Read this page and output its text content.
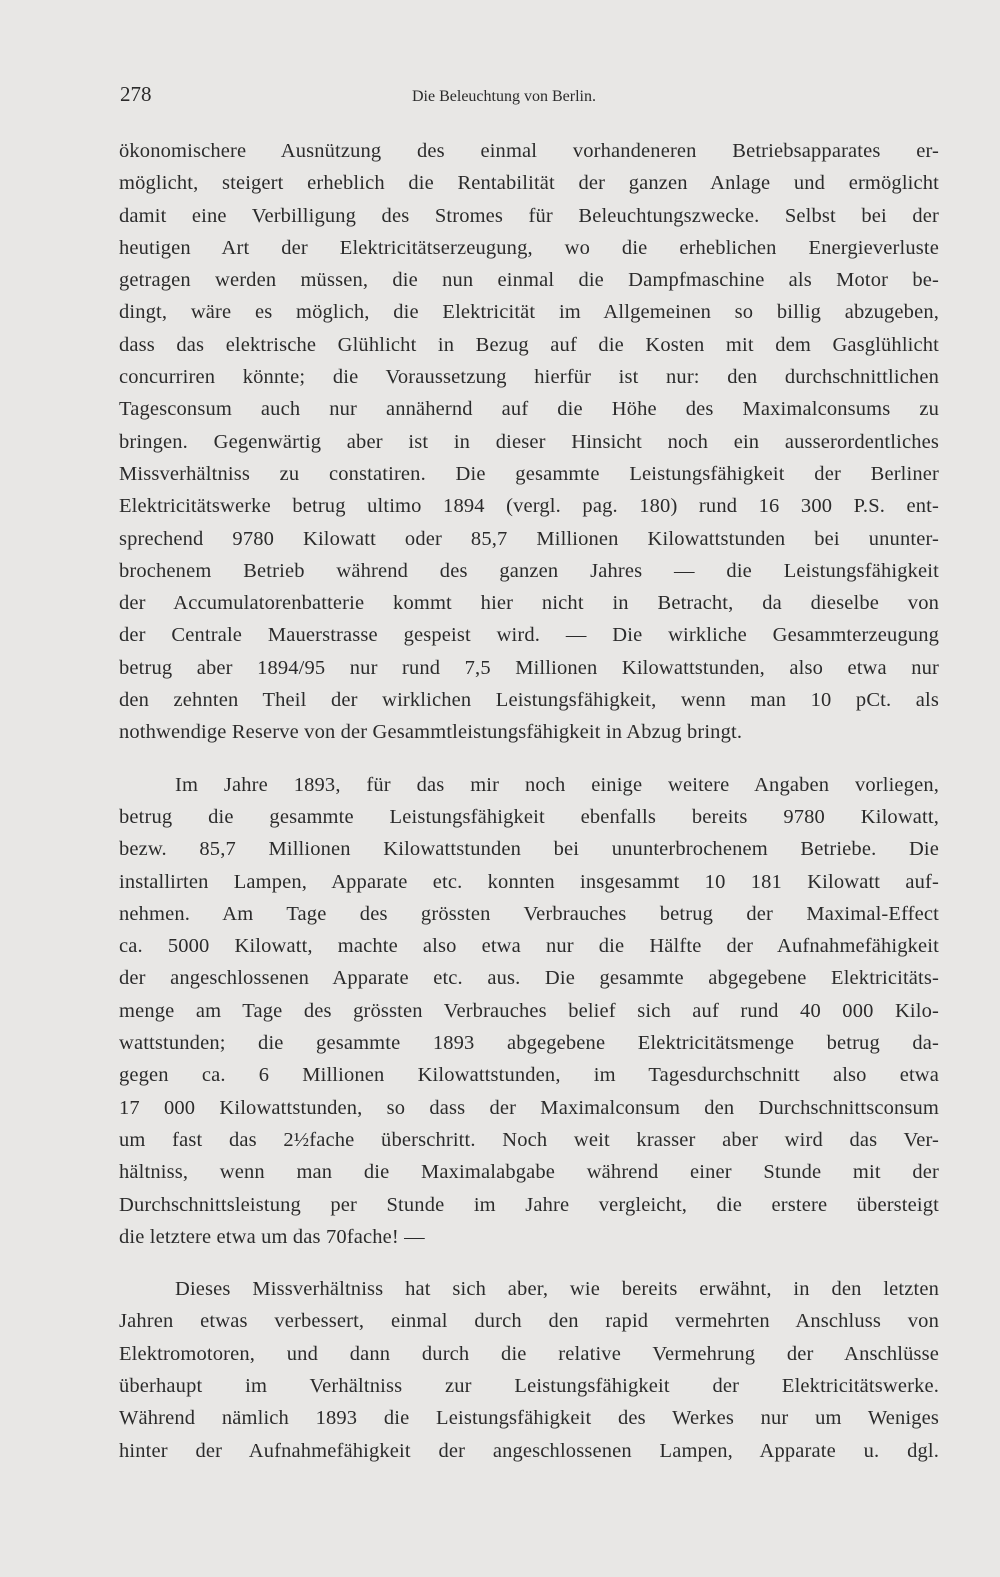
278	Die Beleuchtung von Berlin.
ökonomischere Ausnützung des einmal vorhandeneren Betriebsapparates er-
möglicht, steigert erheblich die Rentabilität der ganzen Anlage und ermöglicht
damit eine Verbilligung des Stromes für Beleuchtungszwecke. Selbst bei der
heutigen Art der Elektricitätserzeugung, wo die erheblichen Energieverluste
getragen werden müssen, die nun einmal die Dampfmaschine als Motor be-
dingt, wäre es möglich, die Elektricität im Allgemeinen so billig abzugeben,
dass das elektrische Glühlicht in Bezug auf die Kosten mit dem Gasglühlicht
concurriren könnte; die Voraussetzung hierfür ist nur: den durchschnittlichen
Tagesconsum auch nur annähernd auf die Höhe des Maximalconsums zu
bringen. Gegenwärtig aber ist in dieser Hinsicht noch ein ausserordentliches
Missverhältniss zu constatiren. Die gesammte Leistungsfähigkeit der Berliner
Elektricitätswerke betrug ultimo 1894 (vergl. pag. 180) rund 16 300 P.S. ent-
sprechend 9780 Kilowatt oder 85,7 Millionen Kilowattstunden bei ununter-
brochenem Betrieb während des ganzen Jahres — die Leistungsfähigkeit
der Accumulatorenbatterie kommt hier nicht in Betracht, da dieselbe von
der Centrale Mauerstrasse gespeist wird. — Die wirkliche Gesammterzeugung
betrug aber 1894/95 nur rund 7,5 Millionen Kilowattstunden, also etwa nur
den zehnten Theil der wirklichen Leistungsfähigkeit, wenn man 10 pCt. als
nothwendige Reserve von der Gesammtleistungsfähigkeit in Abzug bringt.
Im Jahre 1893, für das mir noch einige weitere Angaben vorliegen,
betrug die gesammte Leistungsfähigkeit ebenfalls bereits 9780 Kilowatt,
bezw. 85,7 Millionen Kilowattstunden bei ununterbrochenem Betriebe. Die
installirten Lampen, Apparate etc. konnten insgesammt 10 181 Kilowatt auf-
nehmen. Am Tage des grössten Verbrauches betrug der Maximal-Effect
ca. 5000 Kilowatt, machte also etwa nur die Hälfte der Aufnahmefähigkeit
der angeschlossenen Apparate etc. aus. Die gesammte abgegebene Elektricitäts-
menge am Tage des grössten Verbrauches belief sich auf rund 40 000 Kilo-
wattstunden; die gesammte 1893 abgegebene Elektricitätsmenge betrug da-
gegen ca. 6 Millionen Kilowattstunden, im Tagesdurchschnitt also etwa
17 000 Kilowattstunden, so dass der Maximalconsum den Durchschnittsconsum
um fast das 2½fache überschritt. Noch weit krasser aber wird das Ver-
hältniss, wenn man die Maximalabgabe während einer Stunde mit der
Durchschnittsleistung per Stunde im Jahre vergleicht, die erstere übersteigt
die letztere etwa um das 70fache! —
Dieses Missverhältniss hat sich aber, wie bereits erwähnt, in den letzten
Jahren etwas verbessert, einmal durch den rapid vermehrten Anschluss von
Elektromotoren, und dann durch die relative Vermehrung der Anschlüsse
überhaupt im Verhältniss zur Leistungsfähigkeit der Elektricitätswerke.
Während nämlich 1893 die Leistungsfähigkeit des Werkes nur um Weniges
hinter der Aufnahmefähigkeit der angeschlossenen Lampen, Apparate u. dgl.
